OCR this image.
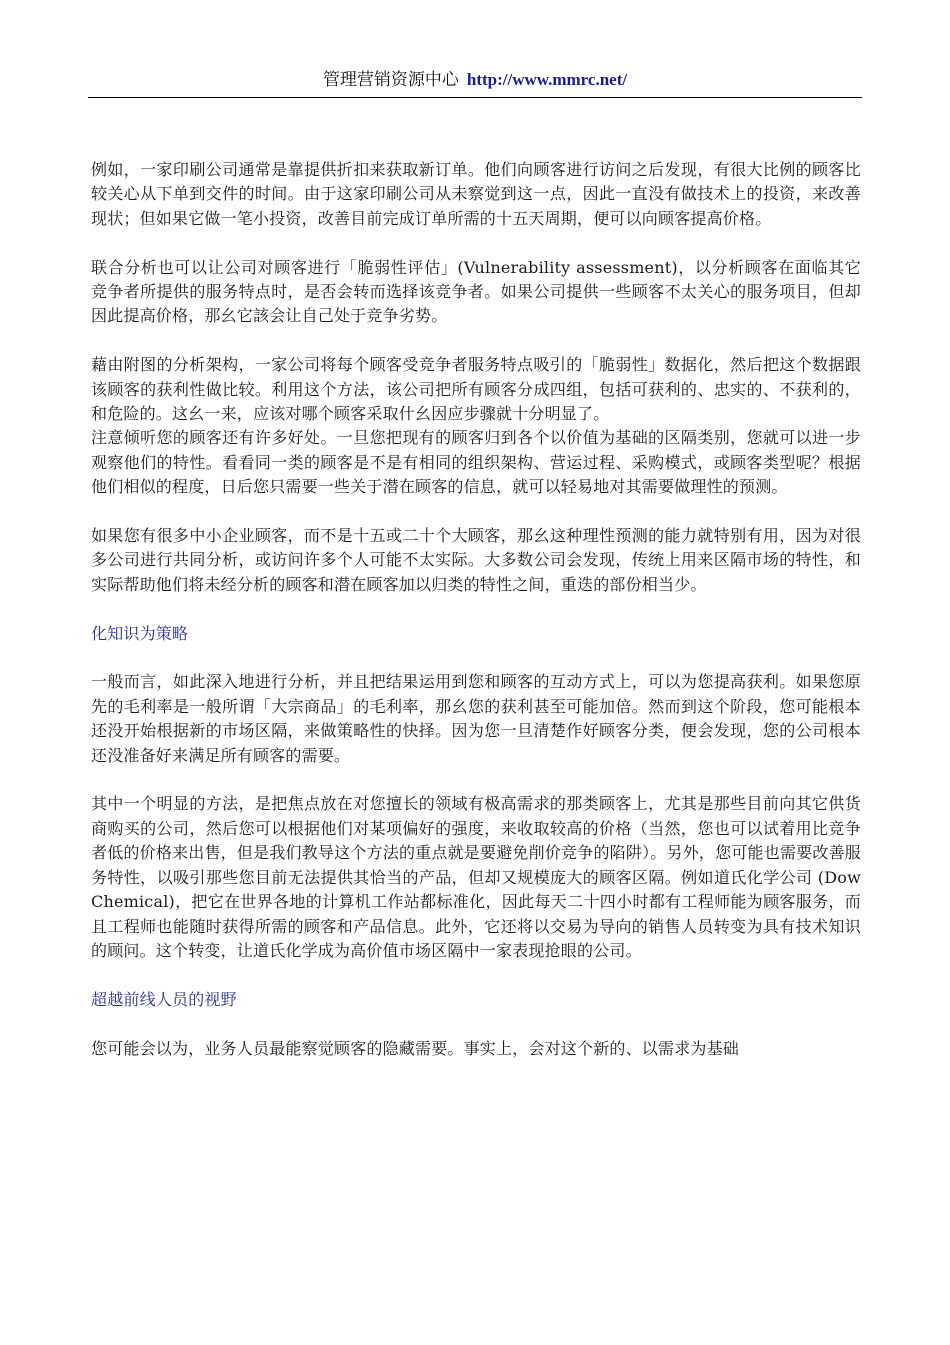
管理营销资源中心 http://www.mmrc.net/

例如，一家印刷公司通常是靠提供折扣来获取新订单。他们向顾客进行访问之后发现，有很大比例的顾客比较关心从下单到交件的时间。由于这家印刷公司从未察觉到这一点，因此一直没有做技术上的投资，来改善现状；但如果它做一笔小投资，改善目前完成订单所需的十五天周期，便可以向顾客提高价格。

联合分析也可以让公司对顾客进行「脆弱性评估」(Vulnerability assessment)，以分析顾客在面临其它竞争者所提供的服务特点时，是否会转而选择该竞争者。如果公司提供一些顾客不太关心的服务项目，但却因此提高价格，那幺它該会让自己处于竞争劣势。

藉由附图的分析架构，一家公司将每个顾客受竞争者服务特点吸引的「脆弱性」数据化，然后把这个数据跟该顾客的获利性做比较。利用这个方法，该公司把所有顾客分成四组，包括可获利的、忠实的、不获利的，和危险的。这幺一来，应该对哪个顾客采取什幺因应步骤就十分明显了。

注意倾听您的顾客还有许多好处。一旦您把现有的顾客归到各个以价值为基础的区隔类别，您就可以进一步观察他们的特性。看看同一类的顾客是不是有相同的组织架构、营运过程、采购模式，或顾客类型呢？根据他们相似的程度，日后您只需要一些关于潜在顾客的信息，就可以轻易地对其需要做理性的预测。

如果您有很多中小企业顾客，而不是十五或二十个大顾客，那幺这种理性预测的能力就特别有用，因为对很多公司进行共同分析，或访问许多个人可能不太实际。大多数公司会发现，传统上用来区隔市场的特性，和实际帮助他们将未经分析的顾客和潜在顾客加以归类的特性之间，重迭的部份相当少。

化知识为策略

一般而言，如此深入地进行分析，并且把结果运用到您和顾客的互动方式上，可以为您提高获利。如果您原先的毛利率是一般所谓「大宗商品」的毛利率，那幺您的获利甚至可能加倍。然而到这个阶段，您可能根本还没开始根据新的市场区隔，来做策略性的快择。因为您一旦清楚作好顾客分类，便会发现，您的公司根本还没准备好来满足所有顾客的需要。

其中一个明显的方法，是把焦点放在对您擅长的领域有极高需求的那类顾客上，尤其是那些目前向其它供货商购买的公司，然后您可以根据他们对某项偏好的强度，来收取较高的价格（当然，您也可以试着用比竞争者低的价格来出售，但是我们教导这个方法的重点就是要避免削价竞争的陷阱）。另外，您可能也需要改善服务特性，以吸引那些您目前无法提供其恰当的产品，但却又规模庞大的顾客区隔。例如道氏化学公司 (Dow Chemical)，把它在世界各地的计算机工作站都标准化，因此每天二十四小时都有工程师能为顾客服务，而且工程师也能随时获得所需的顾客和产品信息。此外，它还将以交易为导向的销售人员转变为具有技术知识的顾问。这个转变，让道氏化学成为高价值市场区隔中一家表现抢眼的公司。

超越前线人员的视野

您可能会以为，业务人员最能察觉顾客的隐藏需要。事实上，会对这个新的、以需求为基础
